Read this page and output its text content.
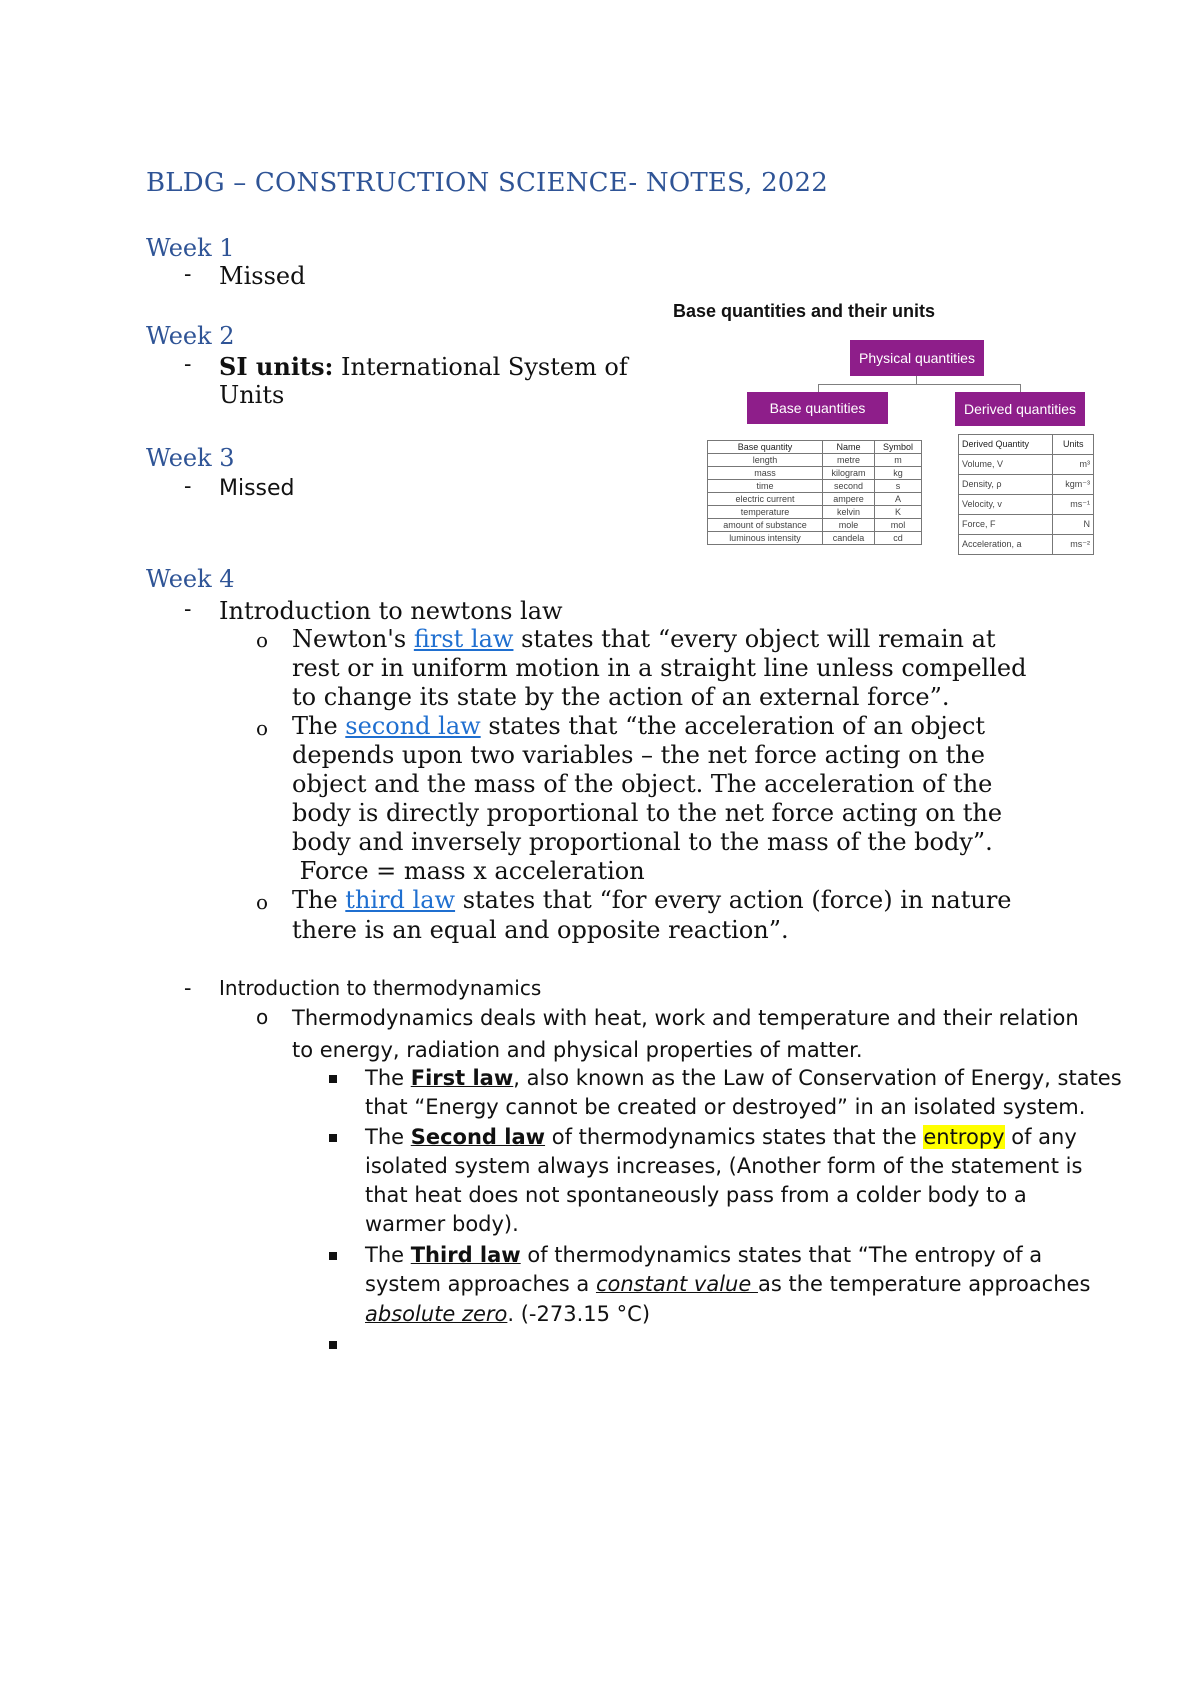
BLDG – CONSTRUCTION SCIENCE- NOTES, 2022
Week 1
- Missed
Week 2
- SI units: International System of
Units
Week 3
- Missed
Base quantities and their units
Physical quantities
Base quantities	Derived quantities
Base quantity	Name	Symbol
length	metre	m
mass	kilogram	kg
time	second	s
electric current	ampere	A
temperature	kelvin	K
amount of substance	mole	mol
luminous intensity	candela	cd
Derived Quantity	Units
Volume, V	m³
Density, ρ	kgm⁻³
Velocity, v	ms⁻¹
Force, F	N
Acceleration, a	ms⁻²
Week 4
- Introduction to newtons law
o Newton's first law states that “every object will remain at
rest or in uniform motion in a straight line unless compelled
to change its state by the action of an external force”.
o The second law states that “the acceleration of an object
depends upon two variables – the net force acting on the
object and the mass of the object. The acceleration of the
body is directly proportional to the net force acting on the
body and inversely proportional to the mass of the body”.
Force = mass x acceleration
o The third law states that “for every action (force) in nature
there is an equal and opposite reaction”.
- Introduction to thermodynamics
o Thermodynamics deals with heat, work and temperature and their relation
to energy, radiation and physical properties of matter.
The First law, also known as the Law of Conservation of Energy, states
that “Energy cannot be created or destroyed” in an isolated system.
The Second law of thermodynamics states that the entropy of any
isolated system always increases, (Another form of the statement is
that heat does not spontaneously pass from a colder body to a
warmer body).
The Third law of thermodynamics states that “The entropy of a
system approaches a constant value as the temperature approaches
absolute zero. (-273.15 °C)
